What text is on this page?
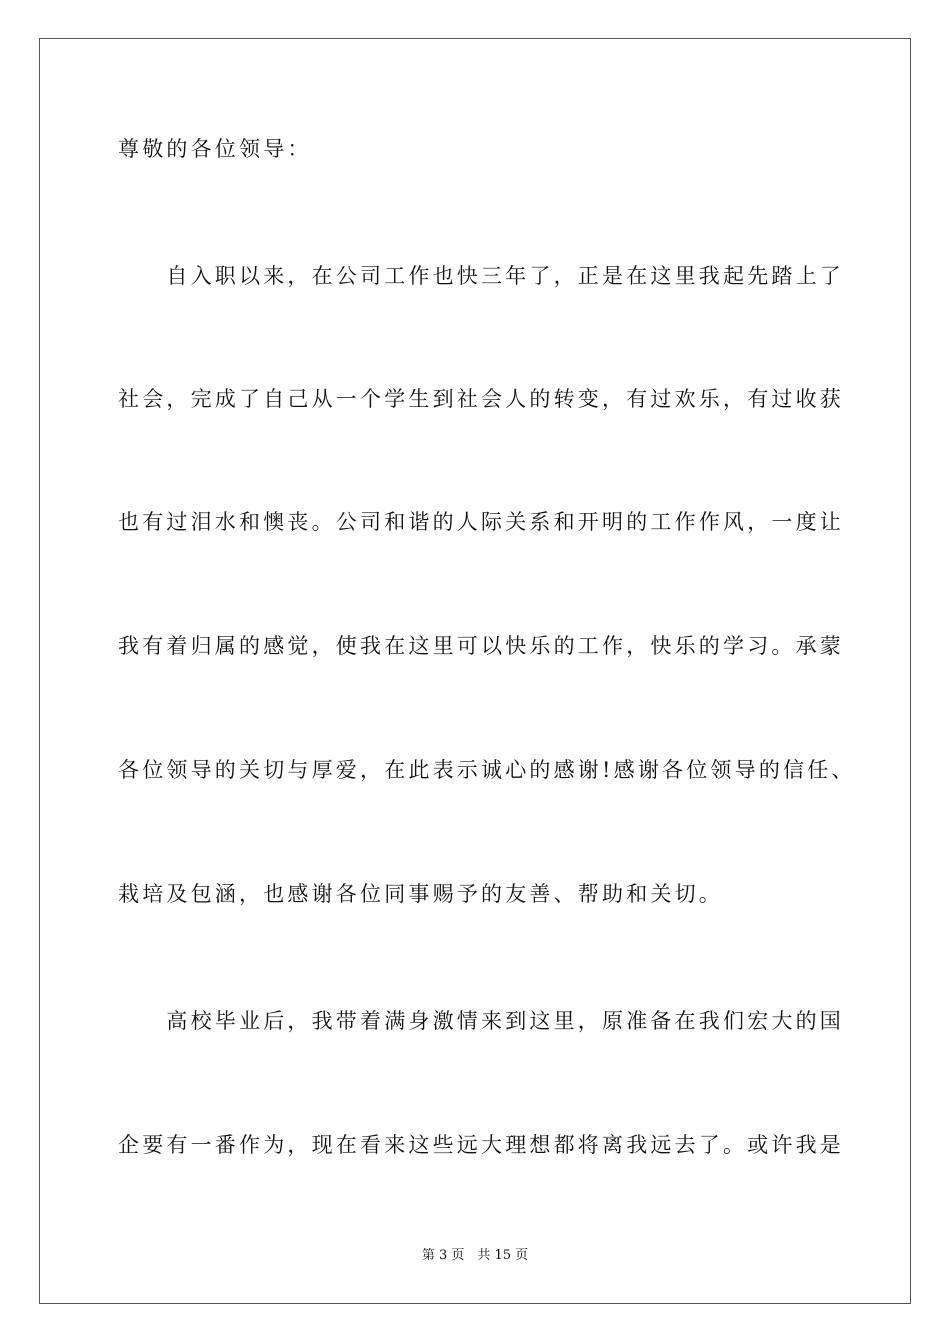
尊敬的各位领导：
　　自入职以来，在公司工作也快三年了，正是在这里我起先踏上了
社会，完成了自己从一个学生到社会人的转变，有过欢乐，有过收获
也有过泪水和懊丧。公司和谐的人际关系和开明的工作作风，一度让
我有着归属的感觉，使我在这里可以快乐的工作，快乐的学习。承蒙
各位领导的关切与厚爱，在此表示诚心的感谢!感谢各位领导的信任、
栽培及包涵，也感谢各位同事赐予的友善、帮助和关切。
　　高校毕业后，我带着满身激情来到这里，原准备在我们宏大的国
企要有一番作为，现在看来这些远大理想都将离我远去了。或许我是
第 3 页　共 15 页
